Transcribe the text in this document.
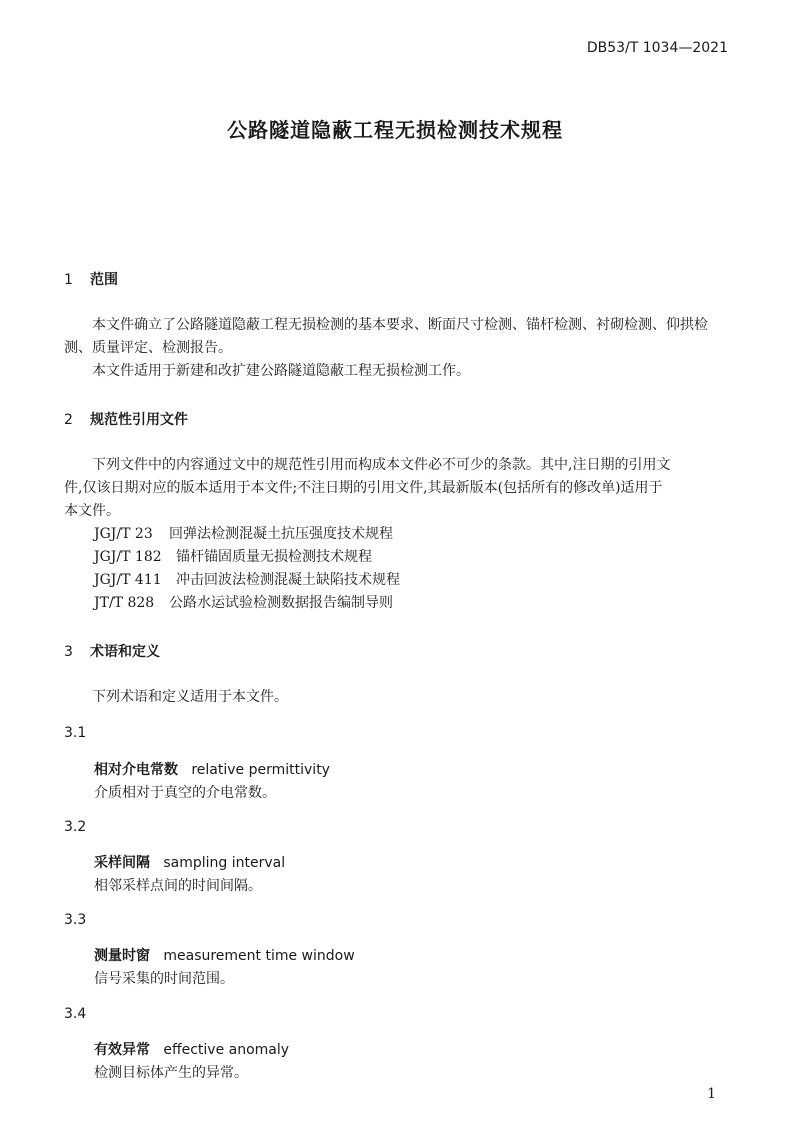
DB53/T 1034—2021
公路隧道隐蔽工程无损检测技术规程
1 范围
本文件确立了公路隧道隐蔽工程无损检测的基本要求、断面尺寸检测、锚杆检测、衬砌检测、仰拱检
测、质量评定、检测报告。
本文件适用于新建和改扩建公路隧道隐蔽工程无损检测工作。
2 规范性引用文件
下列文件中的内容通过文中的规范性引用而构成本文件必不可少的条款。其中,注日期的引用文
件,仅该日期对应的版本适用于本文件;不注日期的引用文件,其最新版本(包括所有的修改单)适用于
本文件。
JGJ/T 23 回弹法检测混凝土抗压强度技术规程
JGJ/T 182 锚杆锚固质量无损检测技术规程
JGJ/T 411 冲击回波法检测混凝土缺陷技术规程
JT/T 828 公路水运试验检测数据报告编制导则
3 术语和定义
下列术语和定义适用于本文件。
3.1
相对介电常数 relative permittivity
介质相对于真空的介电常数。
3.2
采样间隔 sampling interval
相邻采样点间的时间间隔。
3.3
测量时窗 measurement time window
信号采集的时间范围。
3.4
有效异常 effective anomaly
检测目标体产生的异常。
1
